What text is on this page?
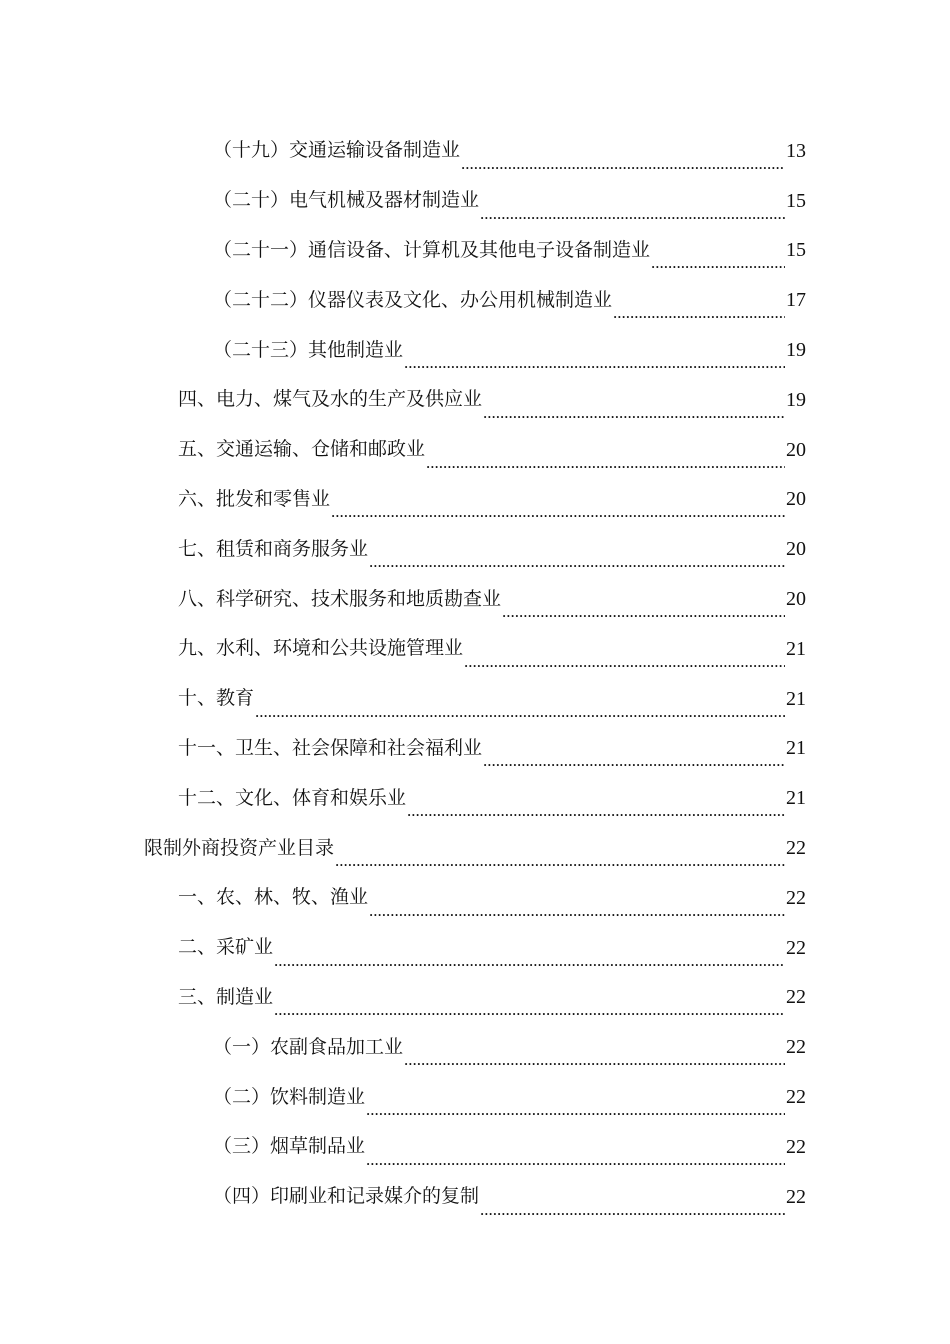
（十九）交通运输设备制造业 .....	13
（二十）电气机械及器材制造业 .....	15
（二十一）通信设备、计算机及其他电子设备制造业 .....	15
（二十二）仪器仪表及文化、办公用机械制造业 .....	17
（二十三）其他制造业 .....	19
四、电力、煤气及水的生产及供应业 .....	19
五、交通运输、仓储和邮政业 .....	20
六、批发和零售业 .....	20
七、租赁和商务服务业 .....	20
八、科学研究、技术服务和地质勘查业 .....	20
九、水利、环境和公共设施管理业 .....	21
十、教育 .....	21
十一、卫生、社会保障和社会福利业 .....	21
十二、文化、体育和娱乐业 .....	21
限制外商投资产业目录 .....	22
一、农、林、牧、渔业 .....	22
二、采矿业 .....	22
三、制造业 .....	22
（一）农副食品加工业 .....	22
（二）饮料制造业 .....	22
（三）烟草制品业 .....	22
（四）印刷业和记录媒介的复制 .....	22
